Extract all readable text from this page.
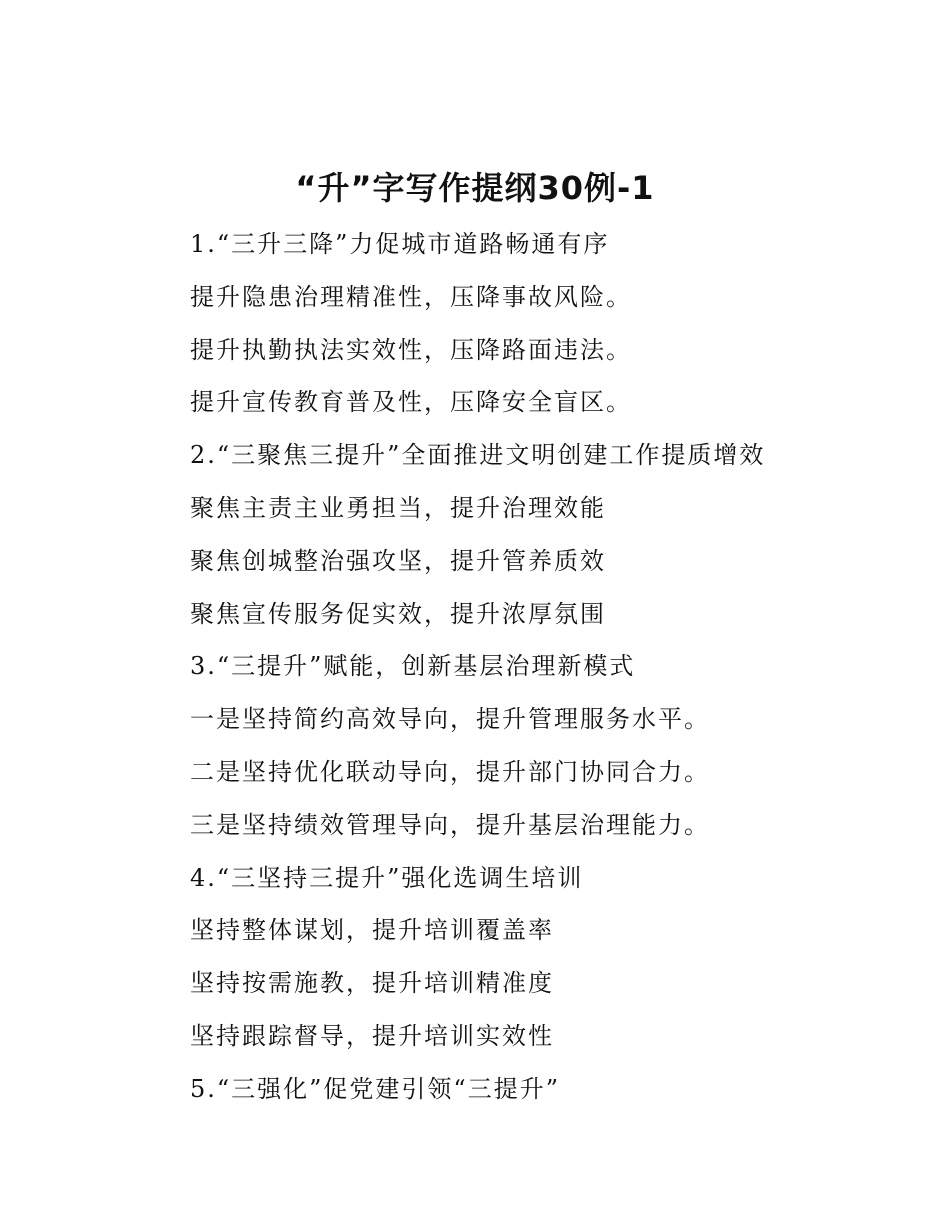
“升”字写作提纲30例-1
1.“三升三降”力促城市道路畅通有序
提升隐患治理精准性，压降事故风险。
提升执勤执法实效性，压降路面违法。
提升宣传教育普及性，压降安全盲区。
2.“三聚焦三提升”全面推进文明创建工作提质增效
聚焦主责主业勇担当，提升治理效能
聚焦创城整治强攻坚，提升管养质效
聚焦宣传服务促实效，提升浓厚氛围
3.“三提升”赋能，创新基层治理新模式
一是坚持简约高效导向，提升管理服务水平。
二是坚持优化联动导向，提升部门协同合力。
三是坚持绩效管理导向，提升基层治理能力。
4.“三坚持三提升”强化选调生培训
坚持整体谋划，提升培训覆盖率
坚持按需施教，提升培训精准度
坚持跟踪督导，提升培训实效性
5.“三强化”促党建引领“三提升”
